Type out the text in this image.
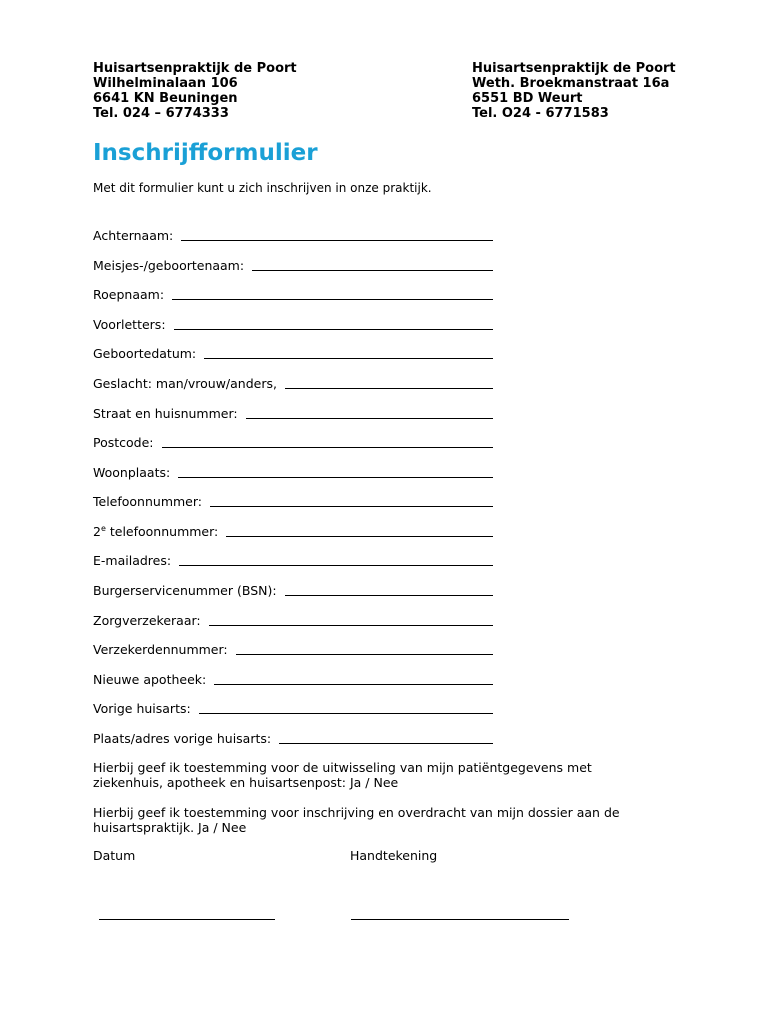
Huisartsenpraktijk de Poort
Wilhelminalaan 106
6641 KN Beuningen
Tel. 024 – 6774333
Huisartsenpraktijk de Poort
Weth. Broekmanstraat 16a
6551 BD Weurt
Tel. O24 - 6771583
Inschrijfformulier
Met dit formulier kunt u zich inschrijven in onze praktijk.
Achternaam:
Meisjes-/geboortenaam:
Roepnaam:
Voorletters:
Geboortedatum:
Geslacht: man/vrouw/anders,
Straat en huisnummer:
Postcode:
Woonplaats:
Telefoonnummer:
2e telefoonnummer:
E-mailadres:
Burgerservicenummer (BSN):
Zorgverzekeraar:
Verzekerdennummer:
Nieuwe apotheek:
Vorige huisarts:
Plaats/adres vorige huisarts:
Hierbij geef ik toestemming voor de uitwisseling van mijn patiëntgegevens met ziekenhuis, apotheek en huisartsenpost: Ja / Nee
Hierbij geef ik toestemming voor inschrijving en overdracht van mijn dossier aan de huisartspraktijk. Ja / Nee
Datum	Handtekening
